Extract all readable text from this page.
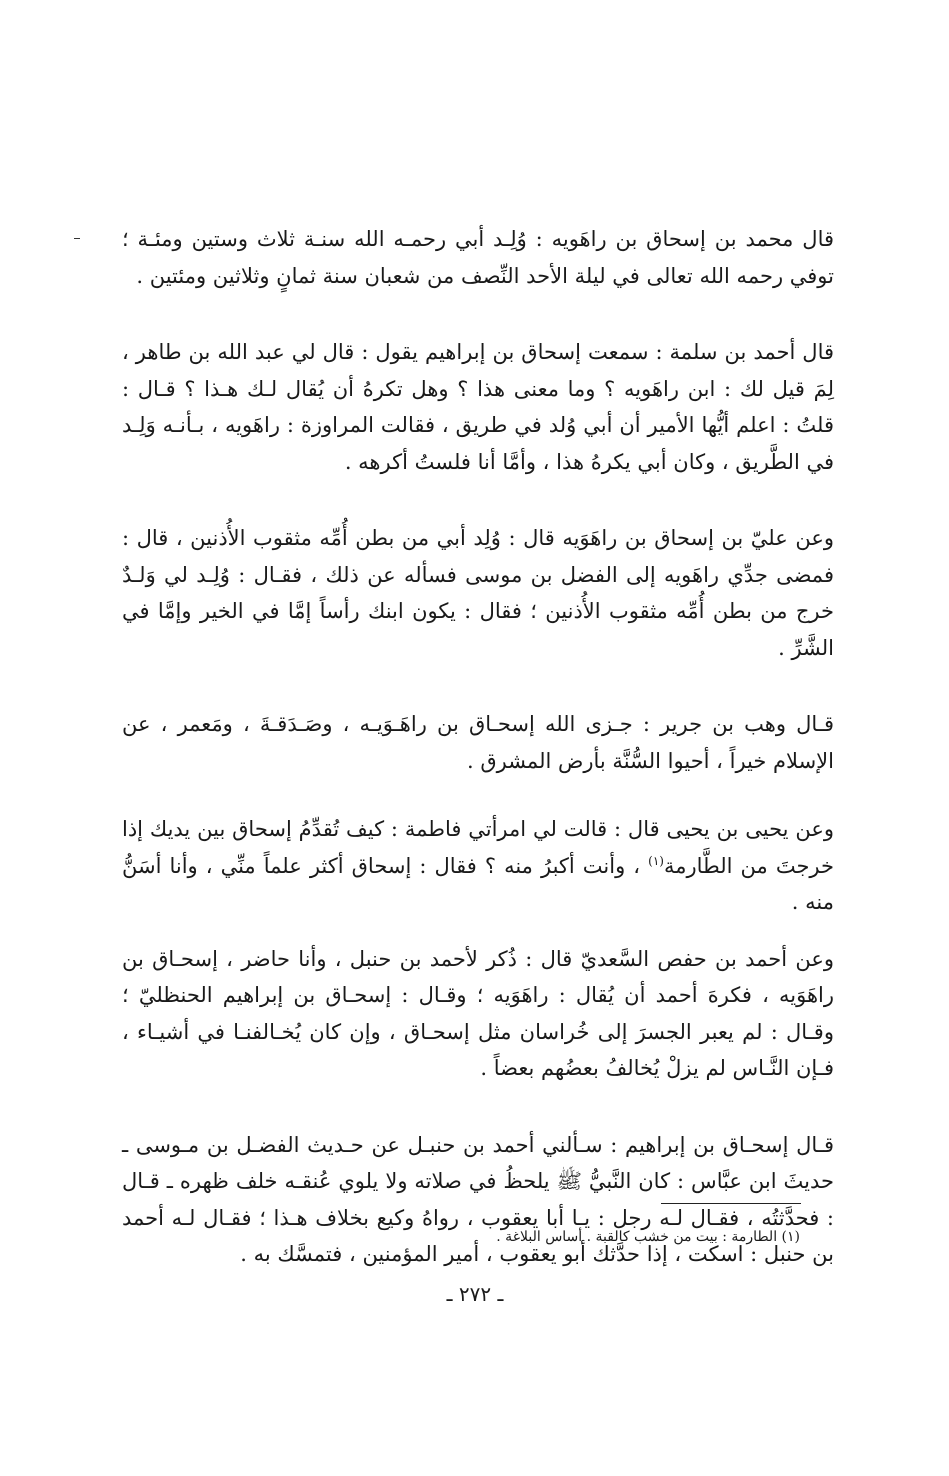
قال محمد بن إسحاق بن راهَويه : وُلِـد أبي رحمـه الله سنـة ثلاث وستين ومئـة ؛ توفي رحمه الله تعالى في ليلة الأحد النِّصف من شعبان سنة ثمانٍ وثلاثين ومئتين .

قال أحمد بن سلمة : سمعت إسحاق بن إبراهيم يقول : قال لي عبد الله بن طاهر ، لِمَ قيل لك : ابن راهَويه ؟ وما معنى هذا ؟ وهل تكرهُ أن يُقال لـك هـذا ؟ قـال : قلتُ : اعلم أيُّها الأمير أن أبي وُلد في طريق ، فقالت المراوزة : راهَويه ، بـأنـه وَلِـد في الطَّريق ، وكان أبي يكرهُ هذا ، وأمَّا أنا فلستُ أكرهه .

وعن عليّ بن إسحاق بن راهَوَيه قال : وُلِد أبي من بطن أُمِّه مثقوب الأُذنين ، قال : فمضى جدِّي راهَويه إلى الفضل بن موسى فسأله عن ذلك ، فقـال : وُلِـد لي وَلـدٌ خرج من بطن أُمِّه مثقوب الأُذنين ؛ فقال : يكون ابنك رأساً إمَّا في الخير وإمَّا في الشَّرِّ .

قـال وهب بن جرير : جـزى الله إسحـاق بن راهَـوَيـه ، وصَـدَقـةَ ، ومَعمر ، عن الإسلام خيراً ، أحيوا السُّنَّة بأرض المشرق .

وعن يحيى بن يحيى قال : قالت لي امرأتي فاطمة : كيف تُقدِّمُ إسحاق بين يديك إذا خرجتَ من الطَّارمة$^{(١)}$ ، وأنت أكبرُ منه ؟ فقال : إسحاق أكثر علماً منِّي ، وأنا أسَنُّ منه .

وعن أحمد بن حفص السَّعديّ قال : ذُكر لأحمد بن حنبل ، وأنا حاضر ، إسحـاق بن راهَوَيه ، فكرهَ أحمد أن يُقال : راهَوَيه ؛ وقـال : إسحـاق بن إبراهيم الحنظليّ ؛ وقـال : لم يعبر الجسرَ إلى خُراسان مثل إسحـاق ، وإن كان يُخـالفنـا في أشيـاء ، فـإن النَّـاس لم يزلْ يُخالفُ بعضُهم بعضاً .

قـال إسحـاق بن إبراهيم : سـألني أحمد بن حنبـل عن حـديث الفضـل بن مـوسى ـ حديثَ ابن عبَّاس : كان النَّبيُّ ﷺ يلحظُ في صلاته ولا يلوي عُنقـه خلف ظهره ـ قـال : فحدَّثتُه ، فقـال لـه رجل : يـا أبا يعقوب ، رواهُ وكيع بخلاف هـذا ؛ فقـال لـه أحمد بن حنبل : اسكت ، إذا حدَّثك أبو يعقوب ، أمير المؤمنين ، فتمسَّك به .

(١) الطارمة : بيت من خشب كالقبة . أساس البلاغة .

ـ ٢٧٢ ـ
